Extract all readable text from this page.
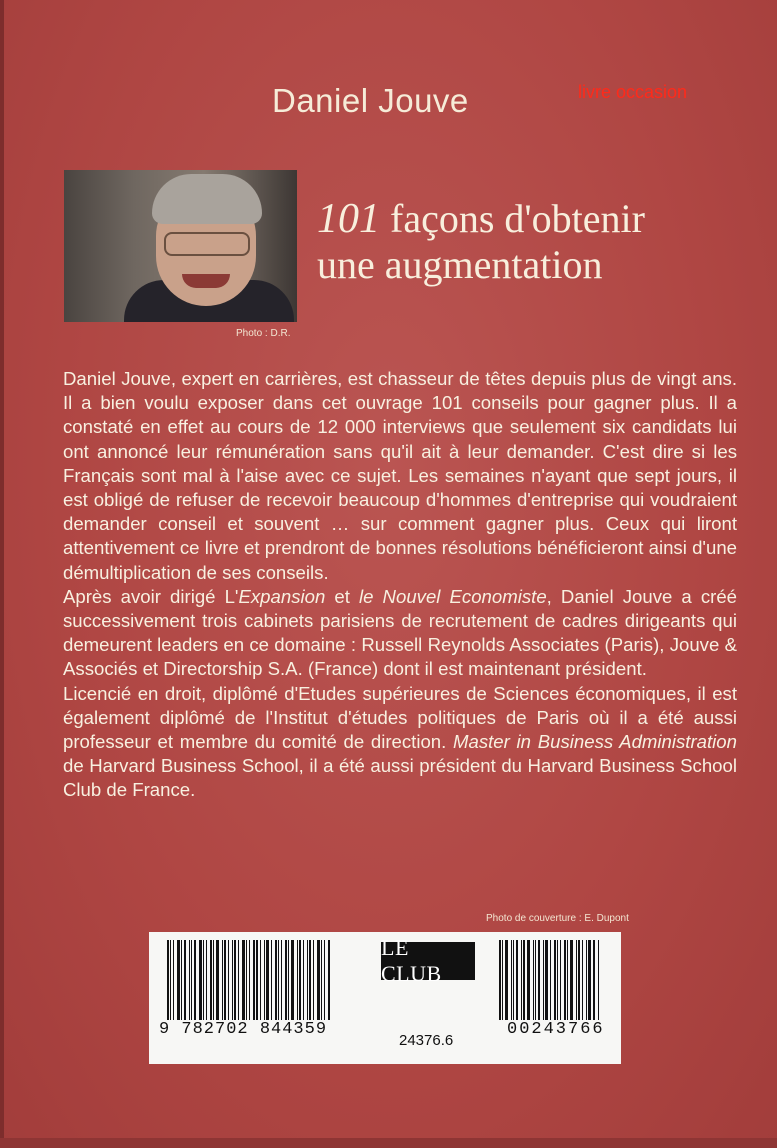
Daniel Jouve	livre occasion
Photo : D.R.
101 façons d'obtenir
une augmentation

Daniel Jouve, expert en carrières, est chasseur de têtes depuis plus de vingt ans. Il a bien voulu exposer dans cet ouvrage 101 conseils pour gagner plus. Il a constaté en effet au cours de 12 000 interviews que seulement six candidats lui ont annoncé leur rémunération sans qu'il ait à leur demander. C'est dire si les Français sont mal à l'aise avec ce sujet. Les semaines n'ayant que sept jours, il est obligé de refuser de recevoir beaucoup d'hommes d'entreprise qui voudraient demander conseil et souvent … sur comment gagner plus. Ceux qui liront attentivement ce livre et prendront de bonnes résolutions bénéficieront ainsi d'une démultiplication de ses conseils.

Après avoir dirigé L'Expansion et le Nouvel Economiste, Daniel Jouve a créé successivement trois cabinets parisiens de recrutement de cadres dirigeants qui demeurent leaders en ce domaine : Russell Reynolds Associates (Paris), Jouve & Associés et Directorship S.A. (France) dont il est maintenant président.

Licencié en droit, diplômé d'Etudes supérieures de Sciences économiques, il est également diplômé de l'Institut d'études politiques de Paris où il a été aussi professeur et membre du comité de direction. Master in Business Administration de Harvard Business School, il a été aussi président du Harvard Business School Club de France.

Photo de couverture : E. Dupont
9 782702 844359
LE CLUB
24376.6
00243766
